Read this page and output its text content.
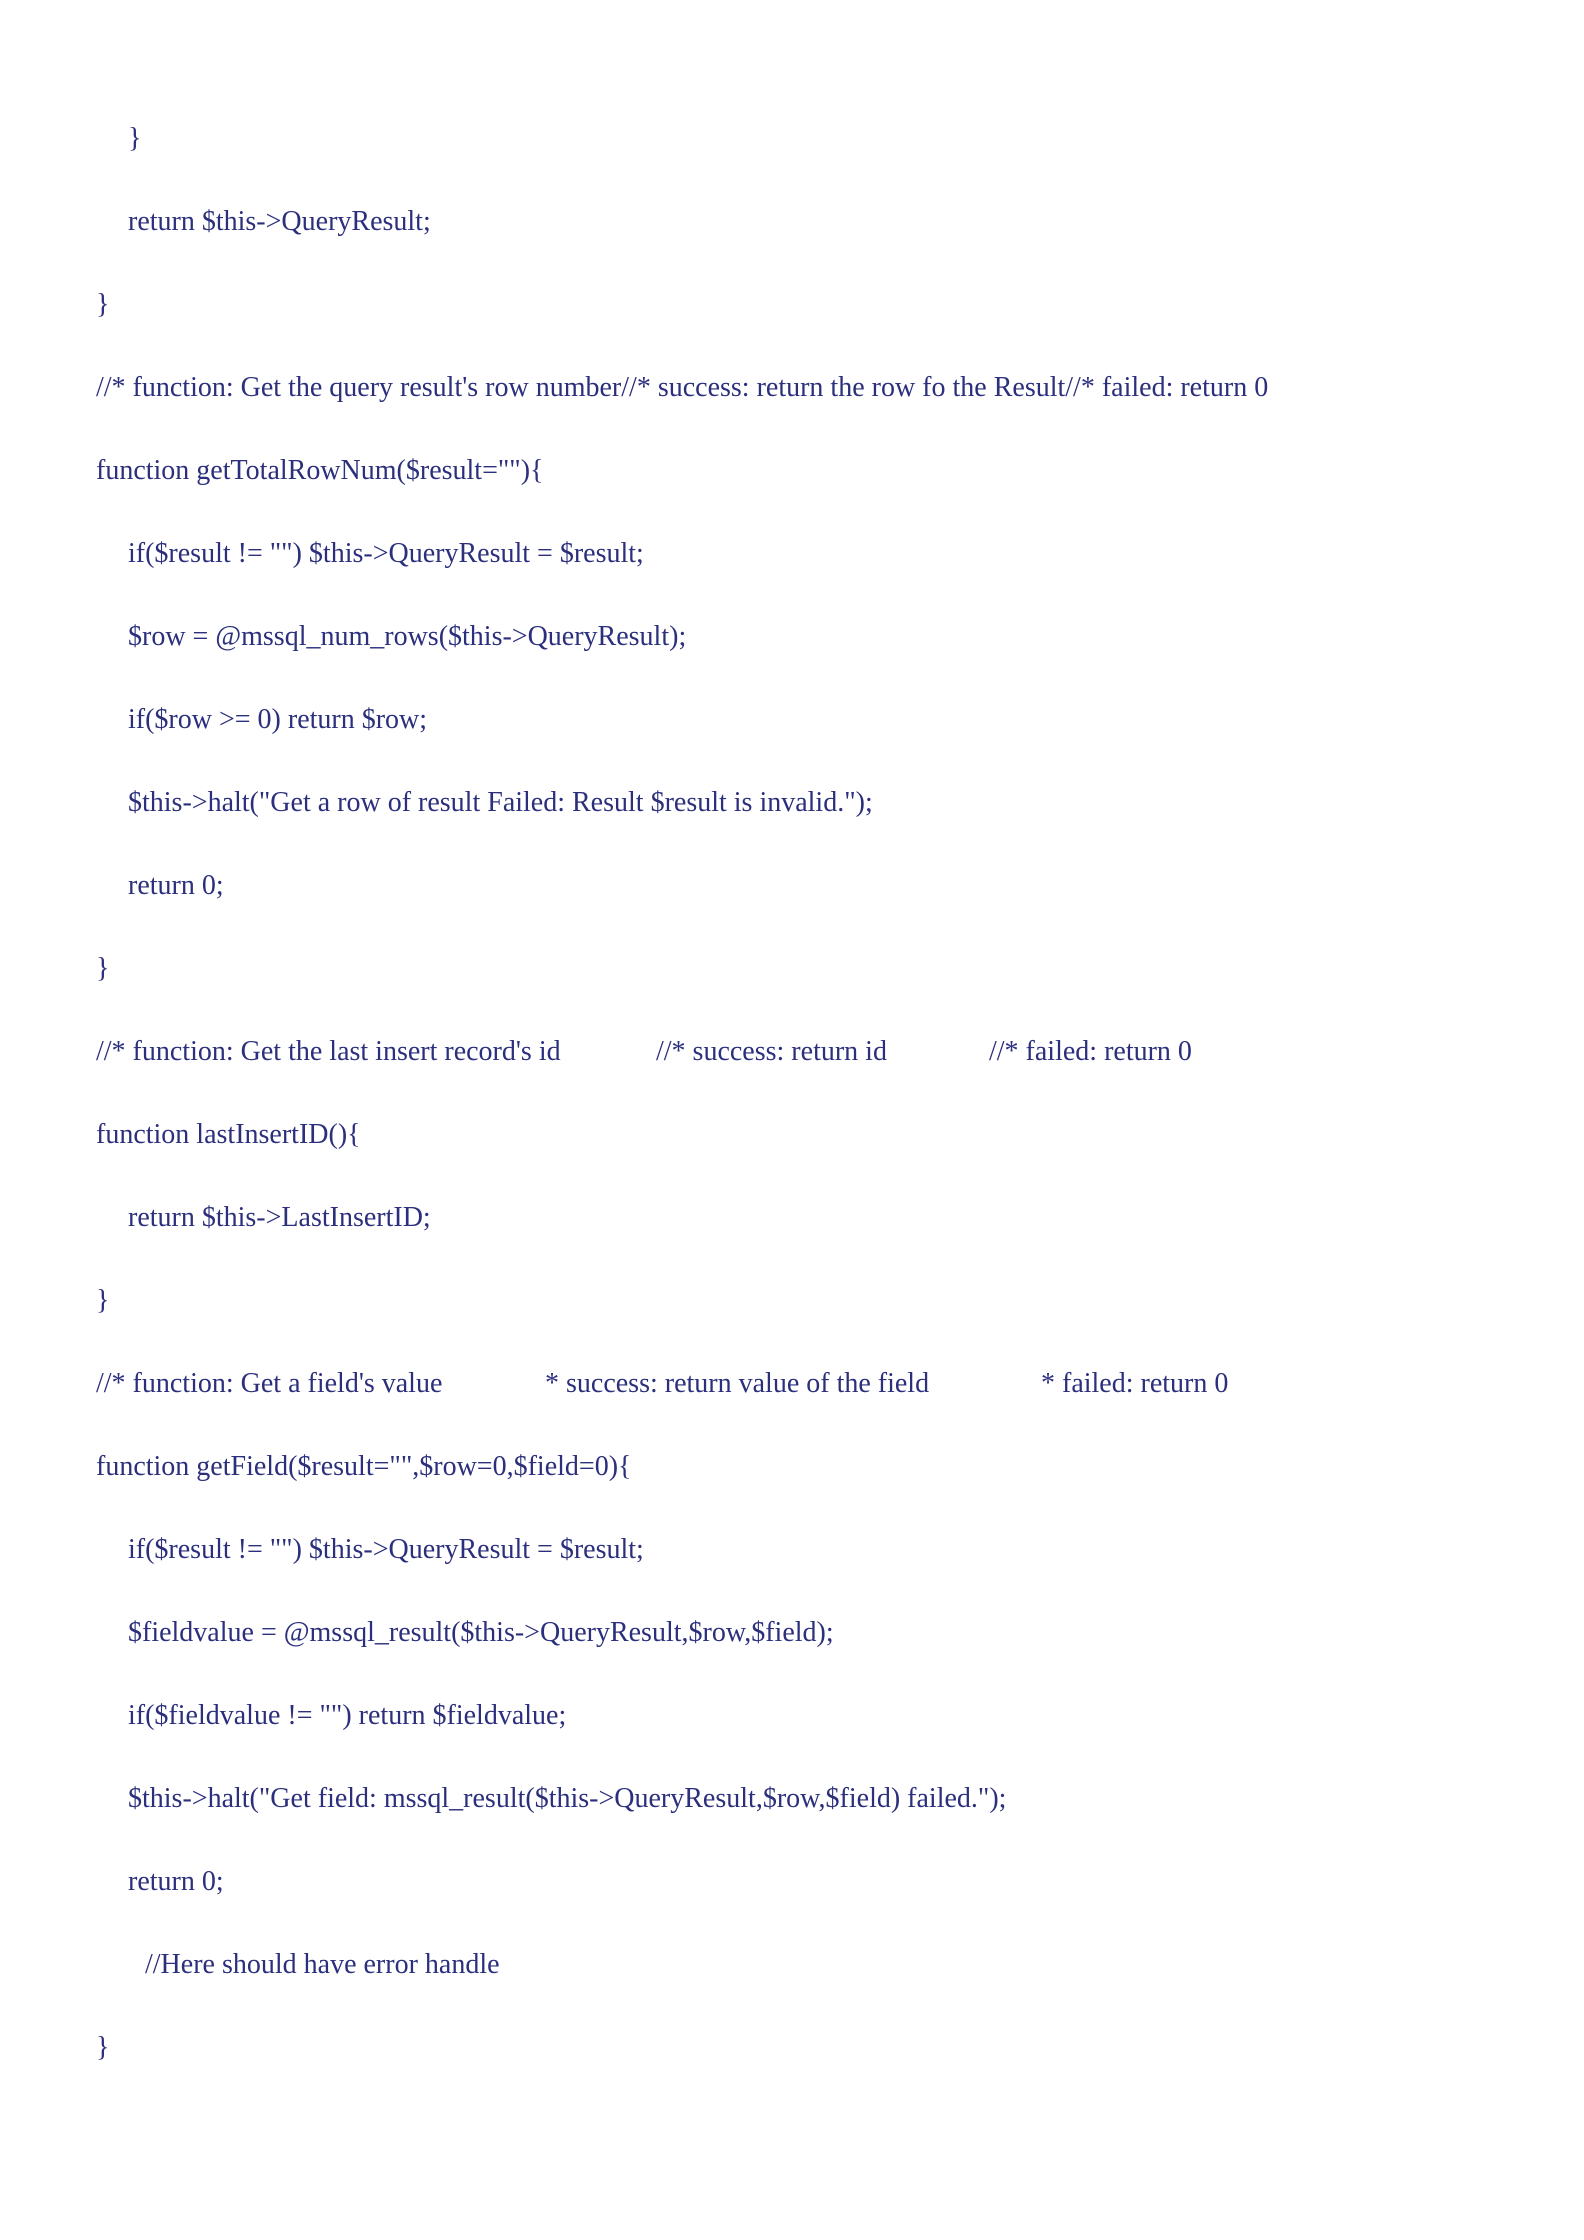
}
return $this->QueryResult;
}
//* function: Get the query result's row number//* success: return the row fo the Result//* failed: return 0
function getTotalRowNum($result=""){
if($result != "") $this->QueryResult = $result;
$row = @mssql_num_rows($this->QueryResult);
if($row >= 0) return $row;
$this->halt("Get a row of result Failed: Result $result is invalid.");
return 0;
}

//* function: Get the last insert record's id

	//* success: return id

	//* failed: return 0

function lastInsertID(){
return $this->LastInsertID;
}

//* function: Get a field's value

	* success: return value of the field

	* failed: return 0

function getField($result="",$row=0,$field=0){
if($result != "") $this->QueryResult = $result;
$fieldvalue = @mssql_result($this->QueryResult,$row,$field);
if($fieldvalue != "") return $fieldvalue;
$this->halt("Get field: mssql_result($this->QueryResult,$row,$field) failed.");
return 0;
//Here should have error handle
}
